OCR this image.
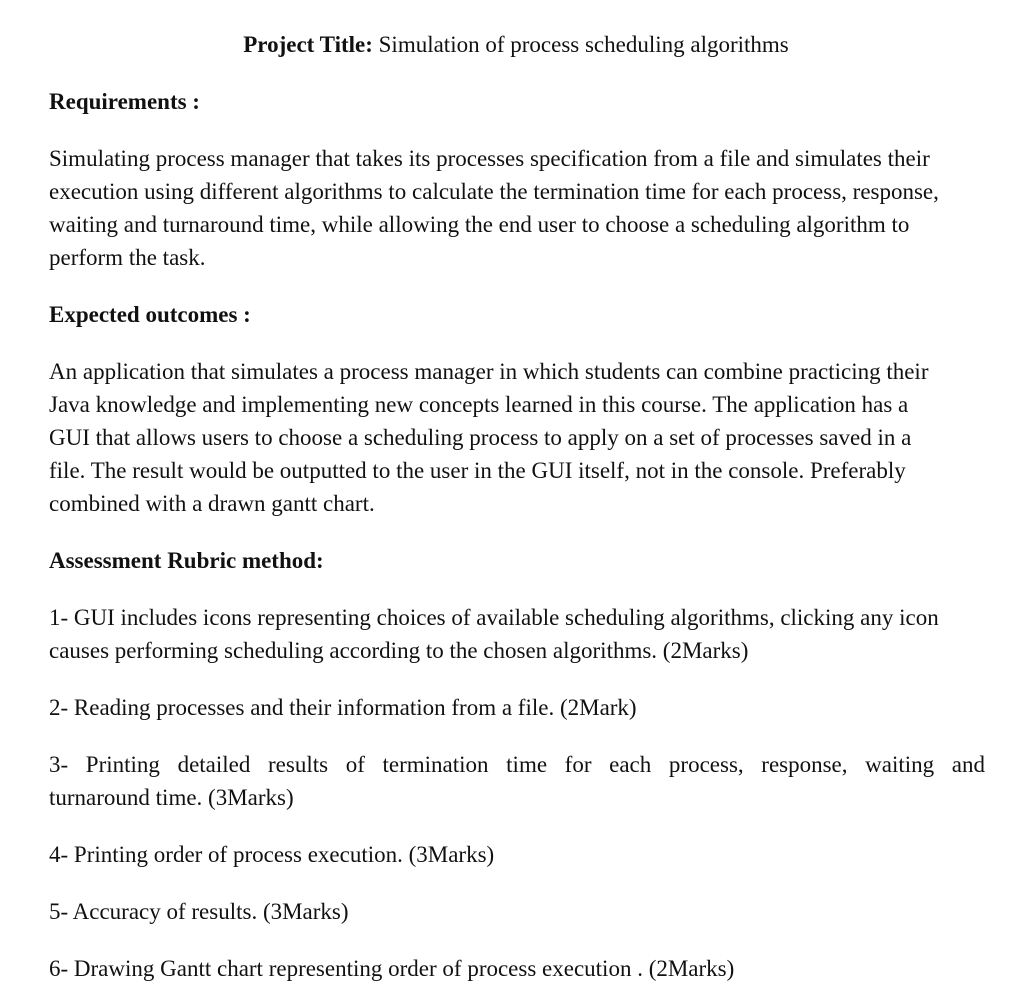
Project Title: Simulation of process scheduling algorithms
Requirements :

Simulating process manager that takes its processes specification from a file and simulates their
execution using different algorithms to calculate the termination time for each process, response,
waiting and turnaround time, while allowing the end user to choose a scheduling algorithm to
perform the task.

Expected outcomes :

An application that simulates a process manager in which students can combine practicing their
Java knowledge and implementing new concepts learned in this course. The application has a
GUI that allows users to choose a scheduling process to apply on a set of processes saved in a
file. The result would be outputted to the user in the GUI itself, not in the console. Preferably
combined with a drawn gantt chart.

Assessment Rubric method:

1- GUI includes icons representing choices of available scheduling algorithms, clicking any icon
causes performing scheduling according to the chosen algorithms. (2Marks)

2- Reading processes and their information from a file. (2Mark)

3- Printing detailed results of termination time for each process, response, waiting and
turnaround time. (3Marks)

4- Printing order of process execution. (3Marks)

5- Accuracy of results. (3Marks)

6- Drawing Gantt chart representing order of process execution . (2Marks)
